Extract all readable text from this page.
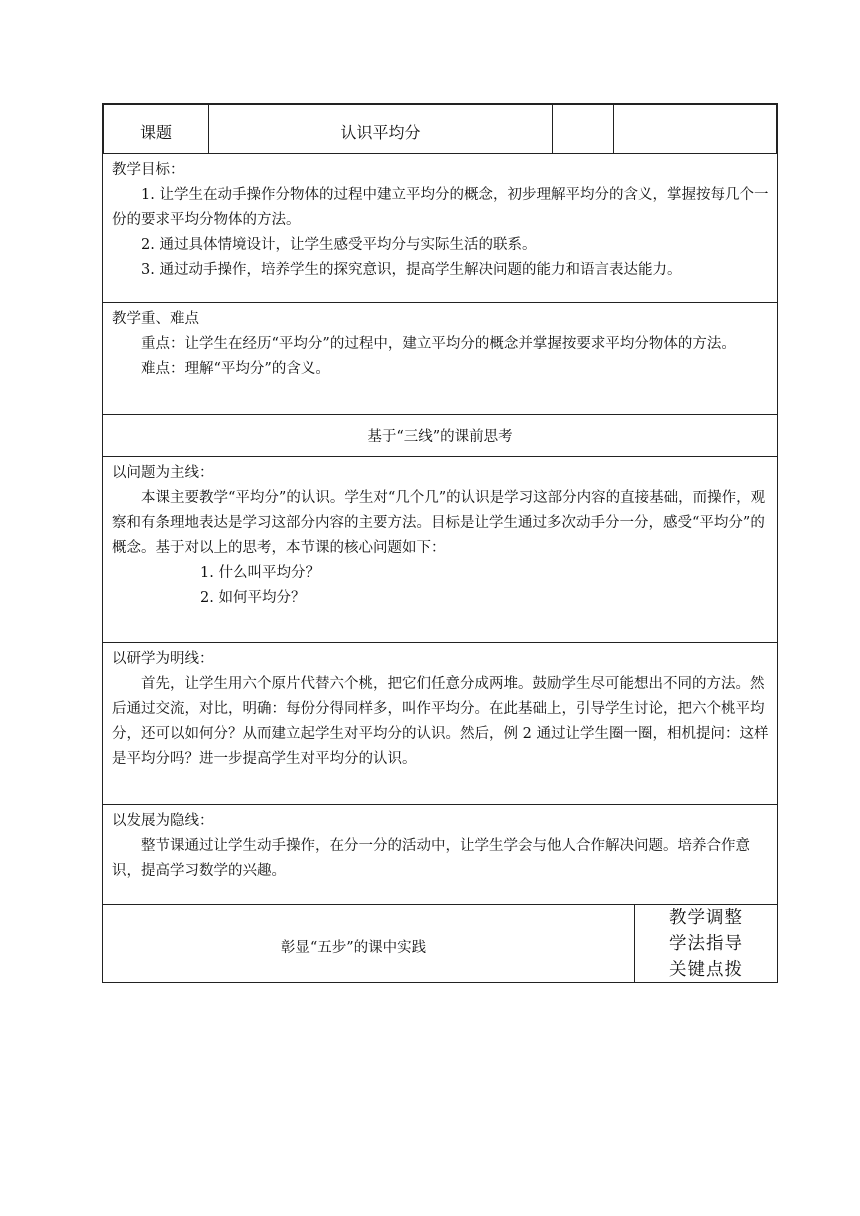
课题	认识平均分

教学目标：

1. 让学生在动手操作分物体的过程中建立平均分的概念，初步理解平均分的含义，掌握按每几个一份的要求平均分物体的方法。

2. 通过具体情境设计，让学生感受平均分与实际生活的联系。

3. 通过动手操作，培养学生的探究意识，提高学生解决问题的能力和语言表达能力。

教学重、难点

重点：让学生在经历“平均分”的过程中，建立平均分的概念并掌握按要求平均分物体的方法。

难点：理解“平均分”的含义。

基于“三线”的课前思考

以问题为主线：

本课主要教学“平均分”的认识。学生对“几个几”的认识是学习这部分内容的直接基础，而操作，观察和有条理地表达是学习这部分内容的主要方法。目标是让学生通过多次动手分一分，感受“平均分”的概念。基于对以上的思考，本节课的核心问题如下：

1. 什么叫平均分？

2. 如何平均分？

以研学为明线：

首先，让学生用六个原片代替六个桃，把它们任意分成两堆。鼓励学生尽可能想出不同的方法。然后通过交流，对比，明确：每份分得同样多，叫作平均分。在此基础上，引导学生讨论，把六个桃平均分，还可以如何分？从而建立起学生对平均分的认识。然后，例 2 通过让学生圈一圈，相机提问：这样是平均分吗？进一步提高学生对平均分的认识。

以发展为隐线：

整节课通过让学生动手操作，在分一分的活动中，让学生学会与他人合作解决问题。培养合作意识，提高学习数学的兴趣。

彰显“五步”的课中实践
教学调整
学法指导
关键点拨
